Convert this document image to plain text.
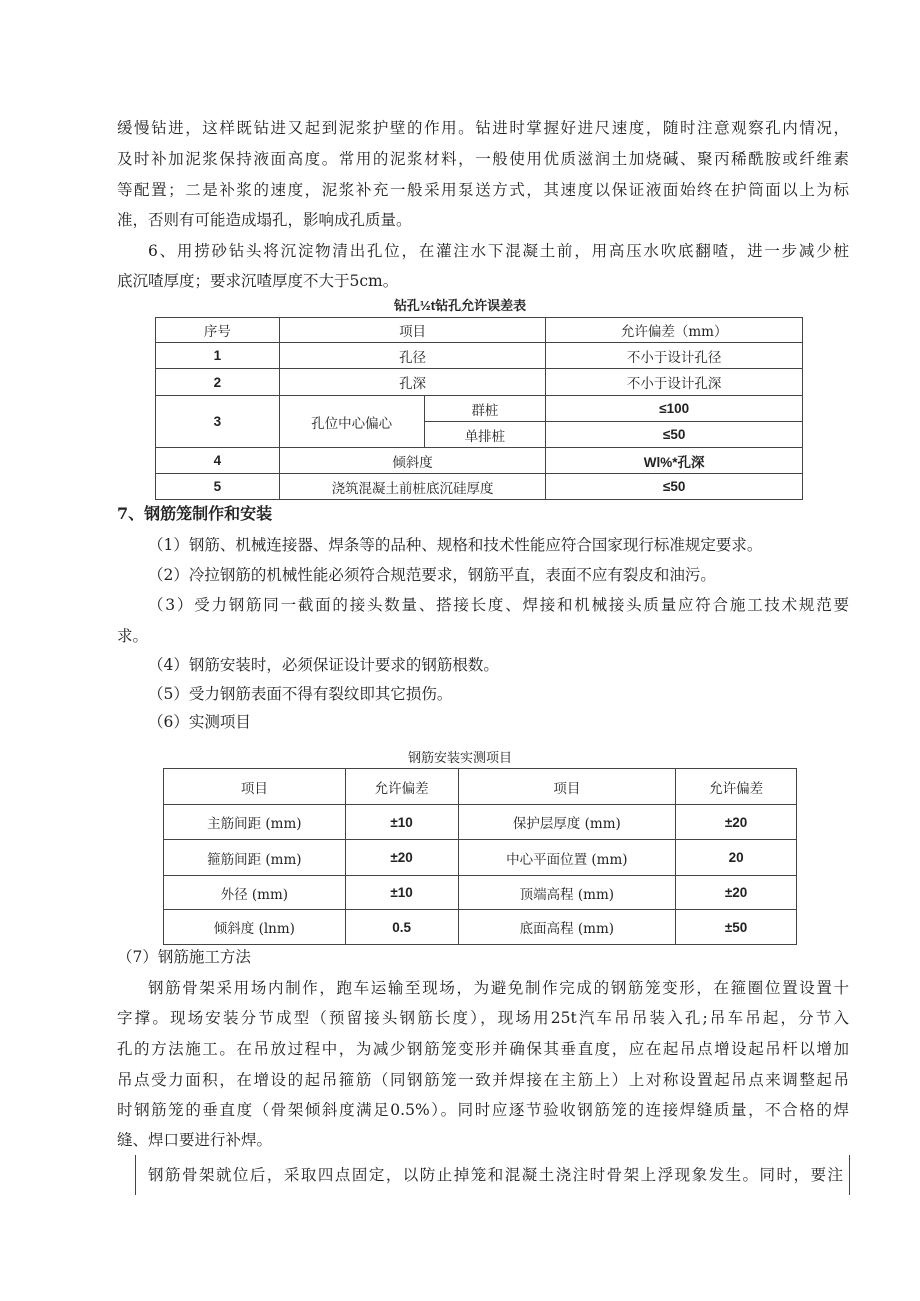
缓慢钻进，这样既钻进又起到泥浆护壁的作用。钻进时掌握好进尺速度，随时注意观察孔内情况，
及时补加泥浆保持液面高度。常用的泥浆材料，一般使用优质滋润土加烧碱、聚丙稀酰胺或纤维素
等配置；二是补浆的速度，泥浆补充一般采用泵送方式，其速度以保证液面始终在护筒面以上为标
准，否则有可能造成塌孔，影响成孔质量。
6、用捞砂钻头将沉淀物清出孔位，在灌注水下混凝土前，用高压水吹底翻喳，进一步减少桩
底沉喳厚度；要求沉喳厚度不大于5cm。
钻孔½t钻孔允许误差表
序号	项目		允许偏差（mm）
1	孔径		不小于设计孔径
2	孔深		不小于设计孔深
3	孔位中心偏心	群桩	≤100
		单排桩	≤50
4	倾斜度		Wl%*孔深
5	浇筑混凝土前桩底沉硅厚度		≤50
7、钢筋笼制作和安装
（1）钢筋、机械连接器、焊条等的品种、规格和技术性能应符合国家现行标准规定要求。
（2）冷拉钢筋的机械性能必须符合规范要求，钢筋平直，表面不应有裂皮和油污。
（3）受力钢筋同一截面的接头数量、搭接长度、焊接和机械接头质量应符合施工技术规范要
求。
（4）钢筋安装时，必须保证设计要求的钢筋根数。
（5）受力钢筋表面不得有裂纹即其它损伤。
（6）实测项目
钢筋安装实测项目
项目	允许偏差	项目	允许偏差
主筋间距 (mm)	±10	保护层厚度 (mm)	±20
箍筋间距 (mm)	±20	中心平面位置 (mm)	20
外径 (mm)	±10	顶端高程 (mm)	±20
倾斜度 (lnm)	0.5	底面高程 (mm)	±50
（7）钢筋施工方法
钢筋骨架采用场内制作，跑车运输至现场，为避免制作完成的钢筋笼变形，在箍圈位置设置十
字撑。现场安装分节成型（预留接头钢筋长度），现场用25t汽车吊吊装入孔;吊车吊起，分节入
孔的方法施工。在吊放过程中，为减少钢筋笼变形并确保其垂直度，应在起吊点增设起吊杆以增加
吊点受力面积，在增设的起吊箍筋（同钢筋笼一致并焊接在主筋上）上对称设置起吊点来调整起吊
时钢筋笼的垂直度（骨架倾斜度满足0.5%）。同时应逐节验收钢筋笼的连接焊缝质量，不合格的焊
缝、焊口要进行补焊。
钢筋骨架就位后，采取四点固定，以防止掉笼和混凝土浇注时骨架上浮现象发生。同时，要注
